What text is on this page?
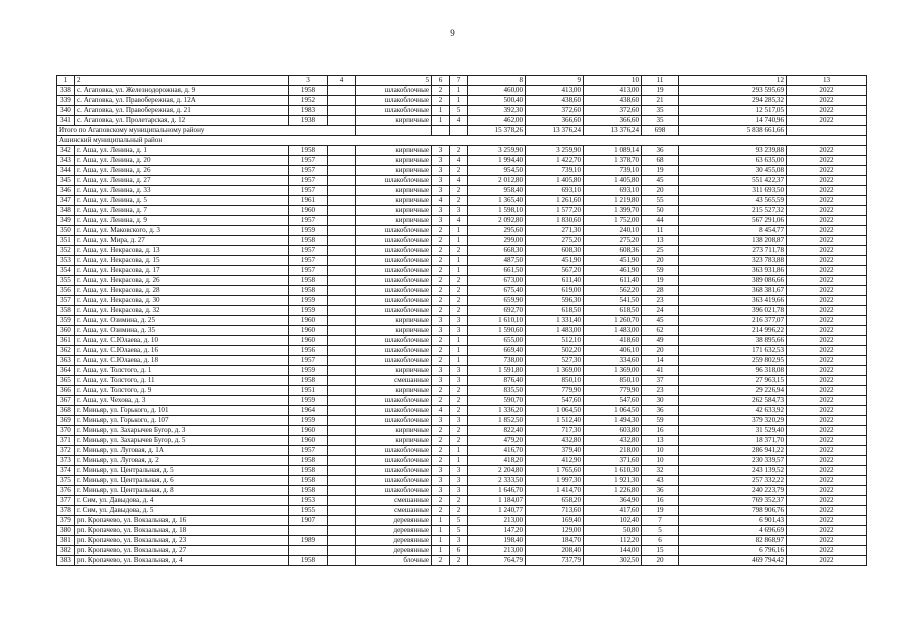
9
1	2	3	4	5	6	7	8	9	10	11	12	13
338	с. Агаповка, ул. Железнодорожная, д. 9	1958		шлакоблочные	2	1	460,00	413,00	413,00	19	293 595,69	2022
339	с. Агаповка, ул. Правобережная, д. 12А	1952		шлакоблочные	2	1	500,40	438,60	438,60	21	294 285,32	2022
340	с. Агаповка, ул. Правобережная, д. 21	1983		шлакоблочные	1	5	392,30	372,60	372,60	35	12 517,05	2022
341	с. Агаповка, ул. Пролетарская, д. 12	1938		кирпичные	1	4	462,00	366,60	366,60	35	14 740,96	2022
Итого по Агаповскому муниципальному району							15 378,26	13 376,24	13 376,24	698	5 838 661,66	
Ашинский муниципальный район												
342	г. Аша, ул. Ленина, д. 1	1958		кирпичные	3	2	3 259,90	3 259,90	1 089,14	36	93 239,88	2022
343	г. Аша, ул. Ленина, д. 20	1957		кирпичные	3	4	1 994,40	1 422,70	1 378,70	68	63 635,00	2022
344	г. Аша, ул. Ленина, д. 26	1957		кирпичные	3	2	954,50	739,10	739,10	19	30 455,08	2022
345	г. Аша, ул. Ленина, д. 27	1957		шлакоблочные	3	4	2 012,80	1 405,80	1 405,80	45	551 422,37	2022
346	г. Аша, ул. Ленина, д. 33	1957		кирпичные	3	2	958,40	693,10	693,10	20	311 693,50	2022
347	г. Аша, ул. Ленина, д. 5	1961		кирпичные	4	2	1 365,40	1 261,60	1 219,80	55	43 565,59	2022
348	г. Аша, ул. Ленина, д. 7	1960		кирпичные	3	3	1 598,10	1 577,20	1 399,70	50	215 527,32	2022
349	г. Аша, ул. Ленина, д. 9	1957		кирпичные	3	4	2 092,80	1 830,60	1 752,00	44	567 291,06	2022
350	г. Аша, ул. Маковского, д. 3	1959		шлакоблочные	2	1	295,60	271,30	240,10	11	8 454,77	2022
351	г. Аша, ул. Мира, д. 27	1958		шлакоблочные	2	1	299,00	275,20	275,20	13	138 208,87	2022
352	г. Аша, ул. Некрасова, д. 13	1957		шлакоблочные	2	2	668,30	608,30	608,36	25	273 711,78	2022
353	г. Аша, ул. Некрасова, д. 15	1957		шлакоблочные	2	1	487,50	451,90	451,90	20	323 783,88	2022
354	г. Аша, ул. Некрасова, д. 17	1957		шлакоблочные	2	1	661,50	567,20	461,90	59	363 931,86	2022
355	г. Аша, ул. Некрасова, д. 26	1958		шлакоблочные	2	2	673,00	611,40	611,40	19	389 086,66	2022
356	г. Аша, ул. Некрасова, д. 28	1958		шлакоблочные	2	2	675,40	619,00	562,20	28	368 381,67	2022
357	г. Аша, ул. Некрасова, д. 30	1959		шлакоблочные	2	2	659,90	596,30	541,50	23	363 419,66	2022
358	г. Аша, ул. Некрасова, д. 32	1959		шлакоблочные	2	2	692,70	618,50	618,50	24	396 021,78	2022
359	г. Аша, ул. Озимина, д. 25	1960		кирпичные	3	3	1 610,10	1 331,40	1 260,70	45	216 377,07	2022
360	г. Аша, ул. Озимина, д. 35	1960		кирпичные	3	3	1 590,60	1 483,00	1 483,00	62	214 996,22	2022
361	г. Аша, ул. С.Юлаева, д. 10	1960		шлакоблочные	2	1	655,00	512,10	418,60	49	38 895,66	2022
362	г. Аша, ул. С.Юлаева, д. 16	1956		шлакоблочные	2	1	669,40	502,20	406,10	20	171 632,53	2022
363	г. Аша, ул. С.Юлаева, д. 18	1957		шлакоблочные	2	1	738,00	527,30	334,60	14	259 802,95	2022
364	г. Аша, ул. Толстого, д. 1	1959		кирпичные	3	3	1 591,80	1 369,00	1 369,00	41	96 318,08	2022
365	г. Аша, ул. Толстого, д. 11	1958		смешанные	3	3	876,40	850,10	850,10	37	27 963,15	2022
366	г. Аша, ул. Толстого, д. 9	1951		кирпичные	2	2	835,50	779,90	779,90	23	29 226,94	2022
367	г. Аша, ул. Чехова, д. 3	1959		шлакоблочные	2	2	590,70	547,60	547,60	30	262 584,73	2022
368	г. Миньяр, ул. Горького, д. 101	1964		шлакоблочные	4	2	1 336,20	1 064,50	1 064,50	36	42 633,92	2022
369	г. Миньяр, ул. Горького, д. 107	1959		шлакоблочные	3	3	1 852,50	1 512,40	1 494,30	59	379 320,29	2022
370	г. Миньяр, ул. Захарычев Бугор, д. 3	1960		кирпичные	2	2	822,40	717,30	603,80	16	31 529,40	2022
371	г. Миньяр, ул. Захарычев Бугор, д. 5	1960		кирпичные	2	2	479,20	432,80	432,80	13	18 371,70	2022
372	г. Миньяр, ул. Луговая, д. 1А	1957		шлакоблочные	2	1	416,70	379,40	218,00	10	286 941,22	2022
373	г. Миньяр, ул. Луговая, д. 2	1958		шлакоблочные	2	1	418,20	412,90	371,60	10	230 339,57	2022
374	г. Миньяр, ул. Центральная, д. 5	1958		шлакоблочные	3	3	2 204,80	1 765,60	1 610,30	32	243 139,52	2022
375	г. Миньяр, ул. Центральная, д. 6	1958		шлакоблочные	3	3	2 333,50	1 997,30	1 921,30	43	257 332,22	2022
376	г. Миньяр, ул. Центральная, д. 8	1958		шлакоблочные	3	3	1 646,70	1 414,70	1 226,80	36	240 223,79	2022
377	г. Сим, ул. Давыдова, д. 4	1953		смешанные	2	2	1 184,07	658,20	364,90	16	769 352,37	2022
378	г. Сим, ул. Давыдова, д. 5	1955		смешанные	2	2	1 240,77	713,60	417,60	19	798 906,76	2022
379	рп. Кропачево, ул. Вокзальная, д. 16	1907		деревянные	1	5	213,00	169,40	102,40	7	6 901,43	2022
380	рп. Кропачево, ул. Вокзальная, д. 18			деревянные	1	5	147,20	129,00	50,80	5	4 696,69	2022
381	рп. Кропачево, ул. Вокзальная, д. 23	1989		деревянные	1	3	198,40	184,70	112,20	6	82 868,97	2022
382	рп. Кропачево, ул. Вокзальная, д. 27			деревянные	1	6	213,00	208,40	144,00	15	6 796,16	2022
383	рп. Кропачево, ул. Вокзальная, д. 4	1958		блочные	2	2	764,79	737,79	302,50	20	469 794,42	2022
